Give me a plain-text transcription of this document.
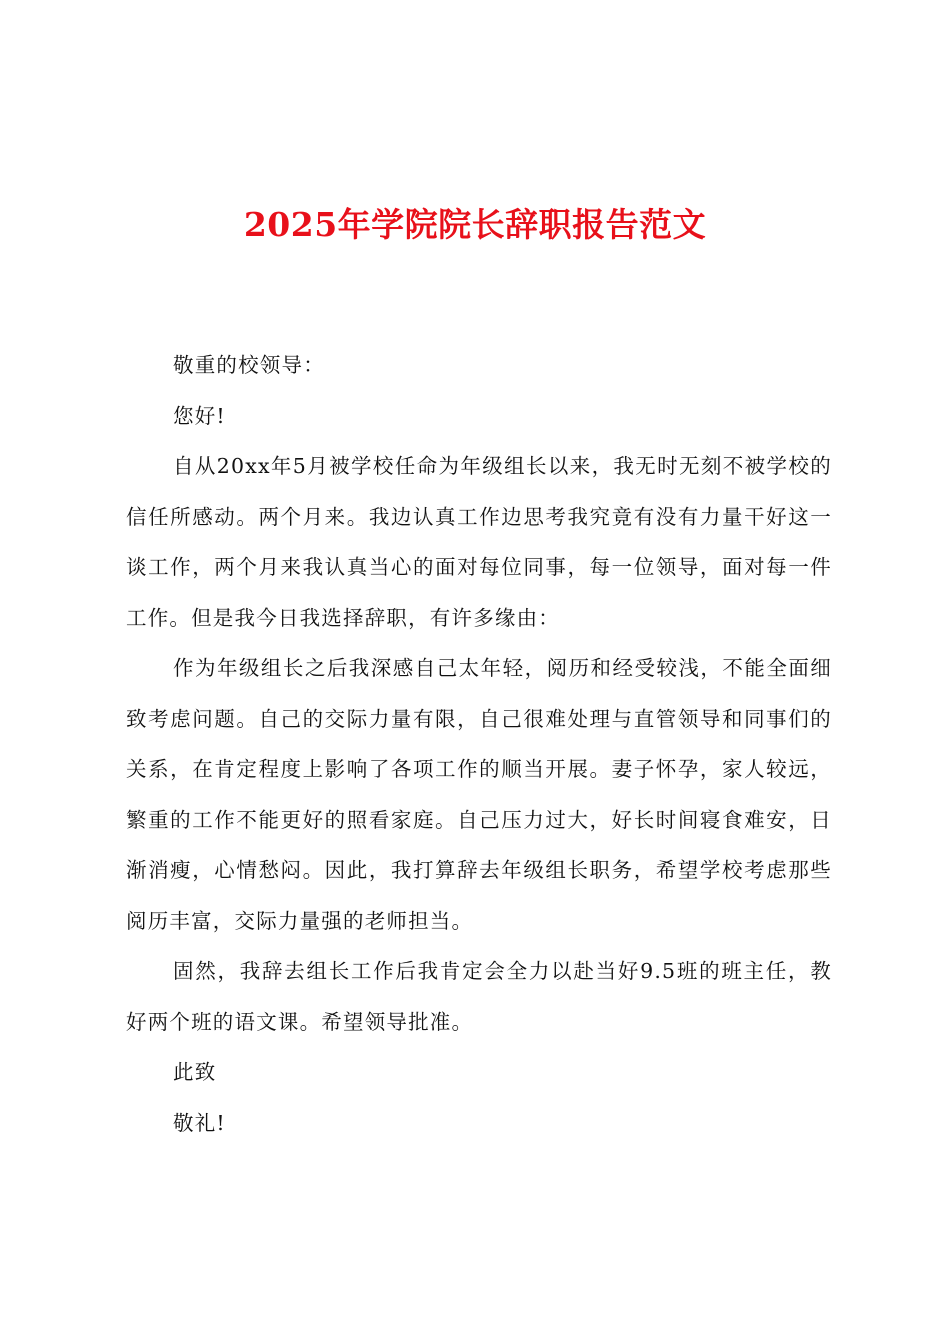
2025年学院院长辞职报告范文

敬重的校领导：

您好!

自从20xx年5月被学校任命为年级组长以来，我无时无刻不被学校的信任所感动。两个月来。我边认真工作边思考我究竟有没有力量干好这一谈工作，两个月来我认真当心的面对每位同事，每一位领导，面对每一件工作。但是我今日我选择辞职，有许多缘由：

作为年级组长之后我深感自己太年轻，阅历和经受较浅，不能全面细致考虑问题。自己的交际力量有限，自己很难处理与直管领导和同事们的关系，在肯定程度上影响了各项工作的顺当开展。妻子怀孕，家人较远，繁重的工作不能更好的照看家庭。自己压力过大，好长时间寝食难安，日渐消瘦，心情愁闷。因此，我打算辞去年级组长职务，希望学校考虑那些阅历丰富，交际力量强的老师担当。

固然，我辞去组长工作后我肯定会全力以赴当好9.5班的班主任，教好两个班的语文课。希望领导批准。

此致

敬礼!
